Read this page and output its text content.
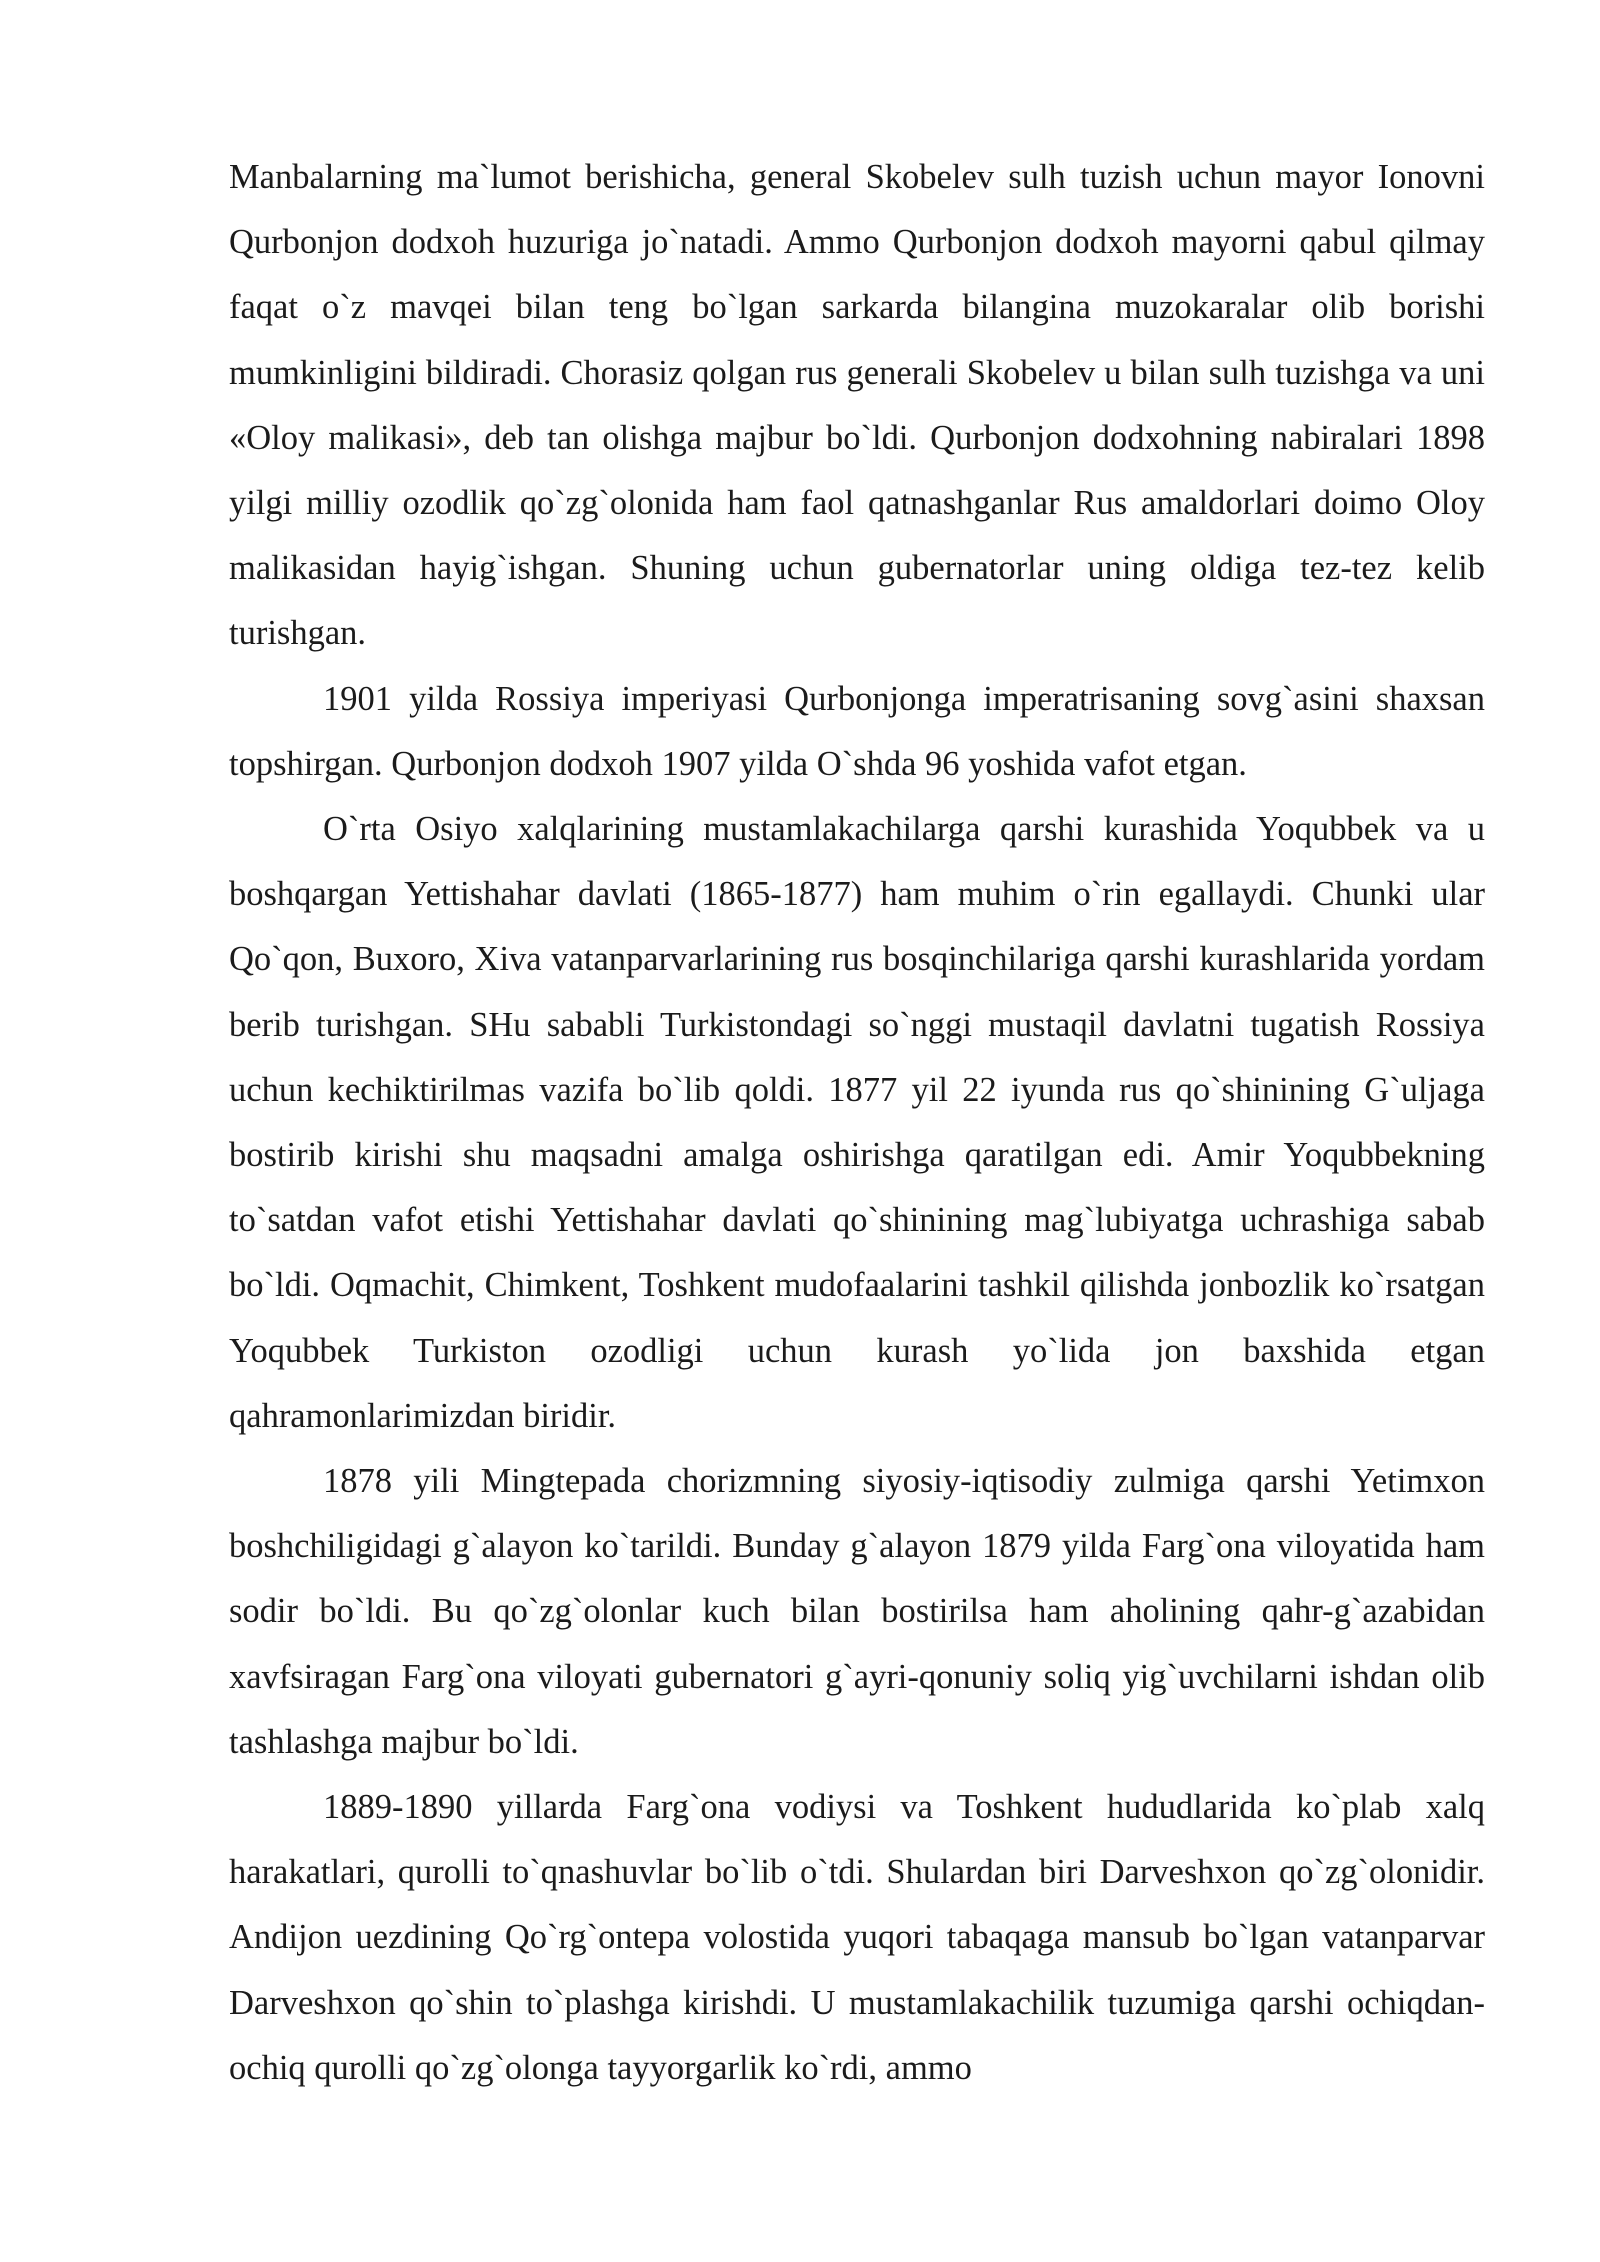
Manbalarning ma`lumot berishicha, general Skobelev sulh tuzish uchun mayor Ionovni Qurbonjon dodxoh huzuriga jo`natadi. Ammo Qurbonjon dodxoh mayorni qabul qilmay faqat o`z mavqei bilan teng bo`lgan sarkarda bilangina muzokaralar olib borishi mumkinligini bildiradi. Chorasiz qolgan rus generali Skobelev u bilan sulh tuzishga va uni «Oloy malikasi», deb tan olishga majbur bo`ldi. Qurbonjon dodxohning nabiralari 1898 yilgi milliy ozodlik qo`zg`olonida ham faol qatnashganlar Rus amaldorlari doimo Oloy malikasidan hayig`ishgan. Shuning uchun gubernatorlar uning oldiga tez-tez kelib turishgan.

1901 yilda Rossiya imperiyasi Qurbonjonga imperatrisaning sovg`asini shaxsan topshirgan. Qurbonjon dodxoh 1907 yilda O`shda 96 yoshida vafot etgan.

O`rta Osiyo xalqlarining mustamlakachilarga qarshi kurashida Yoqubbek va u boshqargan Yettishahar davlati (1865-1877) ham muhim o`rin egallaydi. Chunki ular Qo`qon, Buxoro, Xiva vatanparvarlarining rus bosqinchilariga qarshi kurashlarida yordam berib turishgan. SHu sababli Turkistondagi so`nggi mustaqil davlatni tugatish Rossiya uchun kechiktirilmas vazifa bo`lib qoldi. 1877 yil 22 iyunda rus qo`shinining G`uljaga bostirib kirishi shu maqsadni amalga oshirishga qaratilgan edi. Amir Yoqubbekning to`satdan vafot etishi Yettishahar davlati qo`shinining mag`lubiyatga uchrashiga sabab bo`ldi. Oqmachit, Chimkent, Toshkent mudofaalarini tashkil qilishda jonbozlik ko`rsatgan Yoqubbek Turkiston ozodligi uchun kurash yo`lida jon baxshida etgan qahramonlarimizdan biridir.

1878 yili Mingtepada chorizmning siyosiy-iqtisodiy zulmiga qarshi Yetimxon boshchiligidagi g`alayon ko`tarildi. Bunday g`alayon 1879 yilda Farg`ona viloyatida ham sodir bo`ldi. Bu qo`zg`olonlar kuch bilan bostirilsa ham aholining qahr-g`azabidan xavfsiragan Farg`ona viloyati gubernatori g`ayri-qonuniy soliq yig`uvchilarni ishdan olib tashlashga majbur bo`ldi.

1889-1890 yillarda Farg`ona vodiysi va Toshkent hududlarida ko`plab xalq harakatlari, qurolli to`qnashuvlar bo`lib o`tdi. Shulardan biri Darveshxon qo`zg`olonidir. Andijon uezdining Qo`rg`ontepa volostida yuqori tabaqaga mansub bo`lgan vatanparvar Darveshxon qo`shin to`plashga kirishdi. U mustamlakachilik tuzumiga qarshi ochiqdan-ochiq qurolli qo`zg`olonga tayyorgarlik ko`rdi, ammo
